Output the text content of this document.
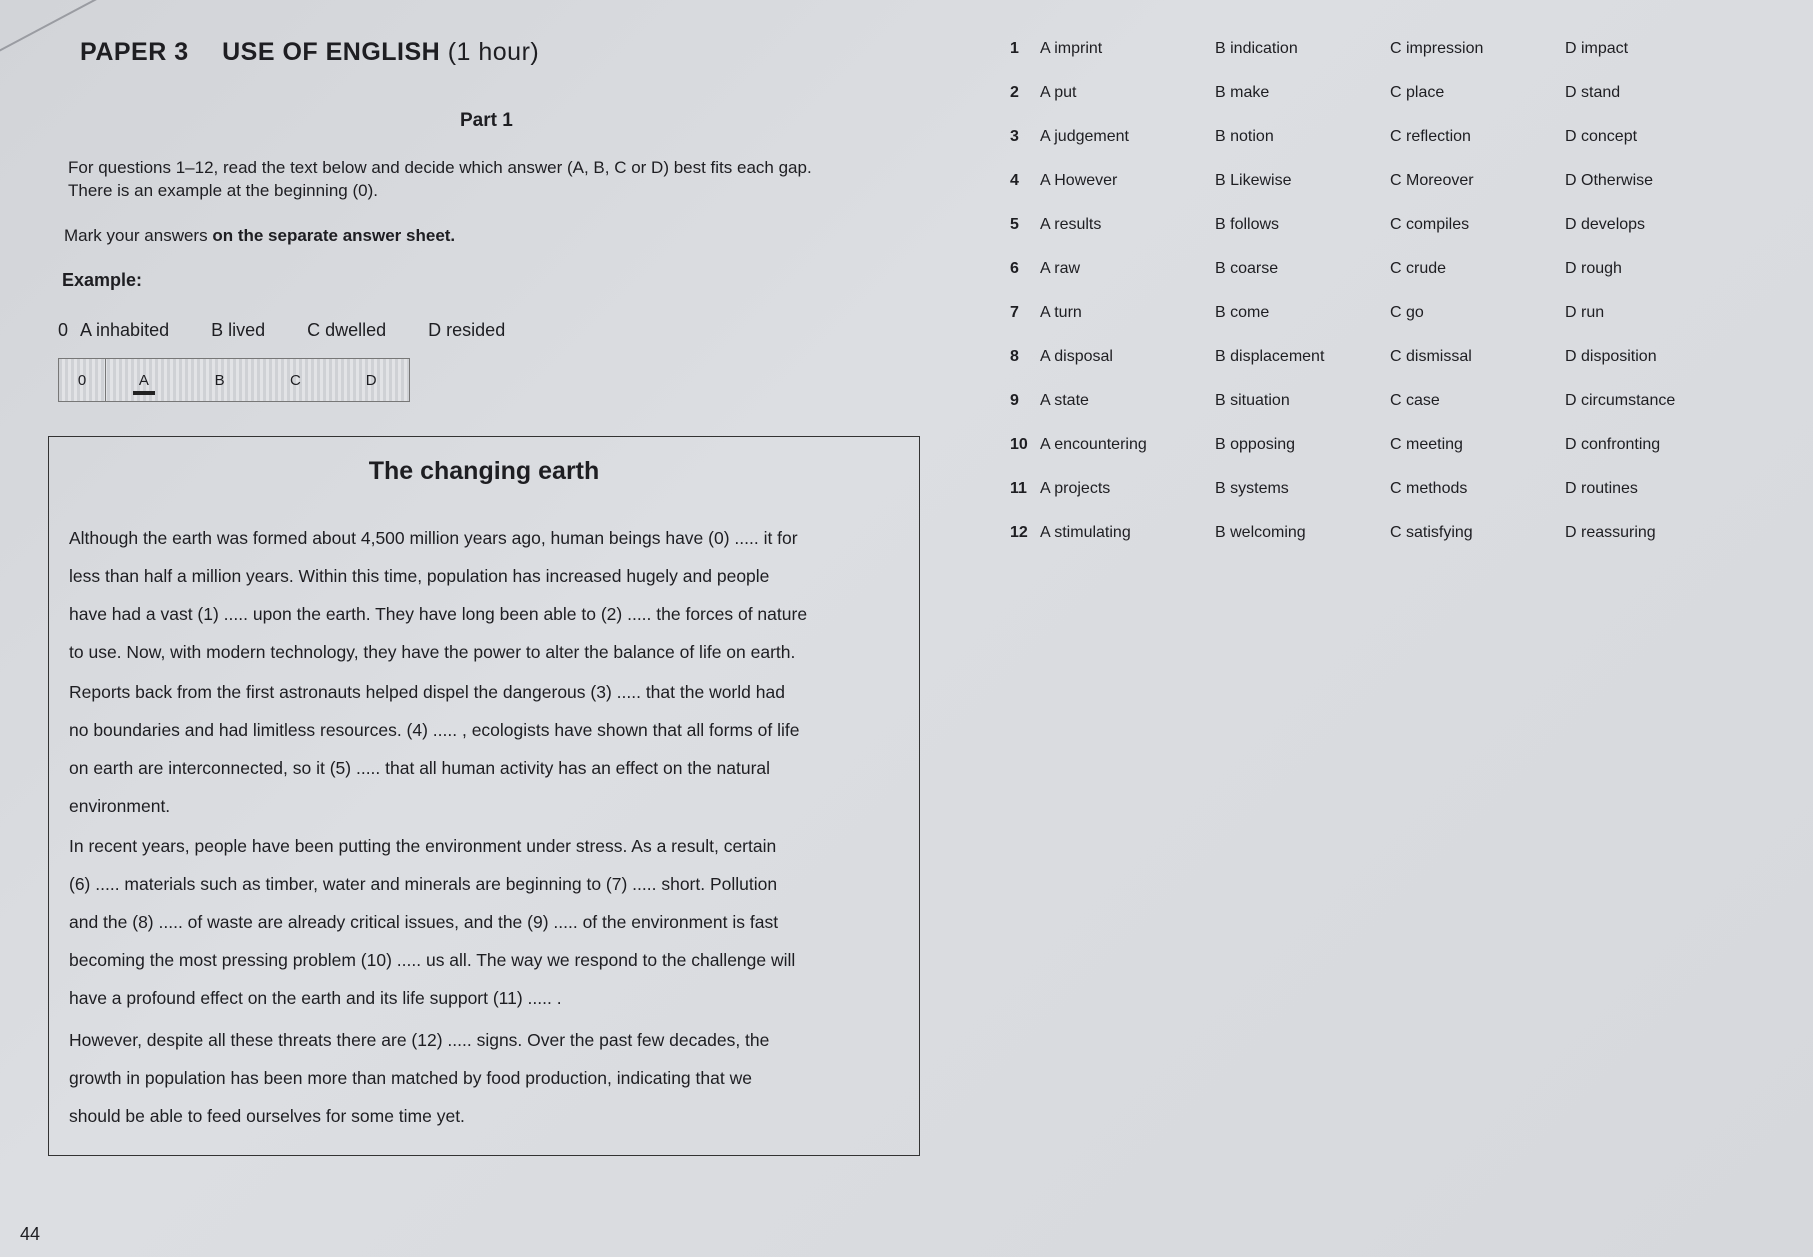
PAPER 3 USE OF ENGLISH (1 hour)
Part 1
For questions 1–12, read the text below and decide which answer (A, B, C or D) best fits each gap.
There is an example at the beginning (0).
Mark your answers on the separate answer sheet.
Example:
0 A inhabited B lived C dwelled D resided
0	A	B	C	D
The changing earth
Although the earth was formed about 4,500 million years ago, human beings have (0) ..... it for
less than half a million years. Within this time, population has increased hugely and people
have had a vast (1) ..... upon the earth. They have long been able to (2) ..... the forces of nature
to use. Now, with modern technology, they have the power to alter the balance of life on earth.
Reports back from the first astronauts helped dispel the dangerous (3) ..... that the world had
no boundaries and had limitless resources. (4) ..... , ecologists have shown that all forms of life
on earth are interconnected, so it (5) ..... that all human activity has an effect on the natural
environment.
In recent years, people have been putting the environment under stress. As a result, certain
(6) ..... materials such as timber, water and minerals are beginning to (7) ..... short. Pollution
and the (8) ..... of waste are already critical issues, and the (9) ..... of the environment is fast
becoming the most pressing problem (10) ..... us all. The way we respond to the challenge will
have a profound effect on the earth and its life support (11) ..... .
However, despite all these threats there are (12) ..... signs. Over the past few decades, the
growth in population has been more than matched by food production, indicating that we
should be able to feed ourselves for some time yet.
1	A imprint	B indication	C impression	D impact
2	A put	B make	C place	D stand
3	A judgement	B notion	C reflection	D concept
4	A However	B Likewise	C Moreover	D Otherwise
5	A results	B follows	C compiles	D develops
6	A raw	B coarse	C crude	D rough
7	A turn	B come	C go	D run
8	A disposal	B displacement	C dismissal	D disposition
9	A state	B situation	C case	D circumstance
10 A encountering	B opposing	C meeting	D confronting
11 A projects	B systems	C methods	D routines
12 A stimulating	B welcoming	C satisfying	D reassuring
44
